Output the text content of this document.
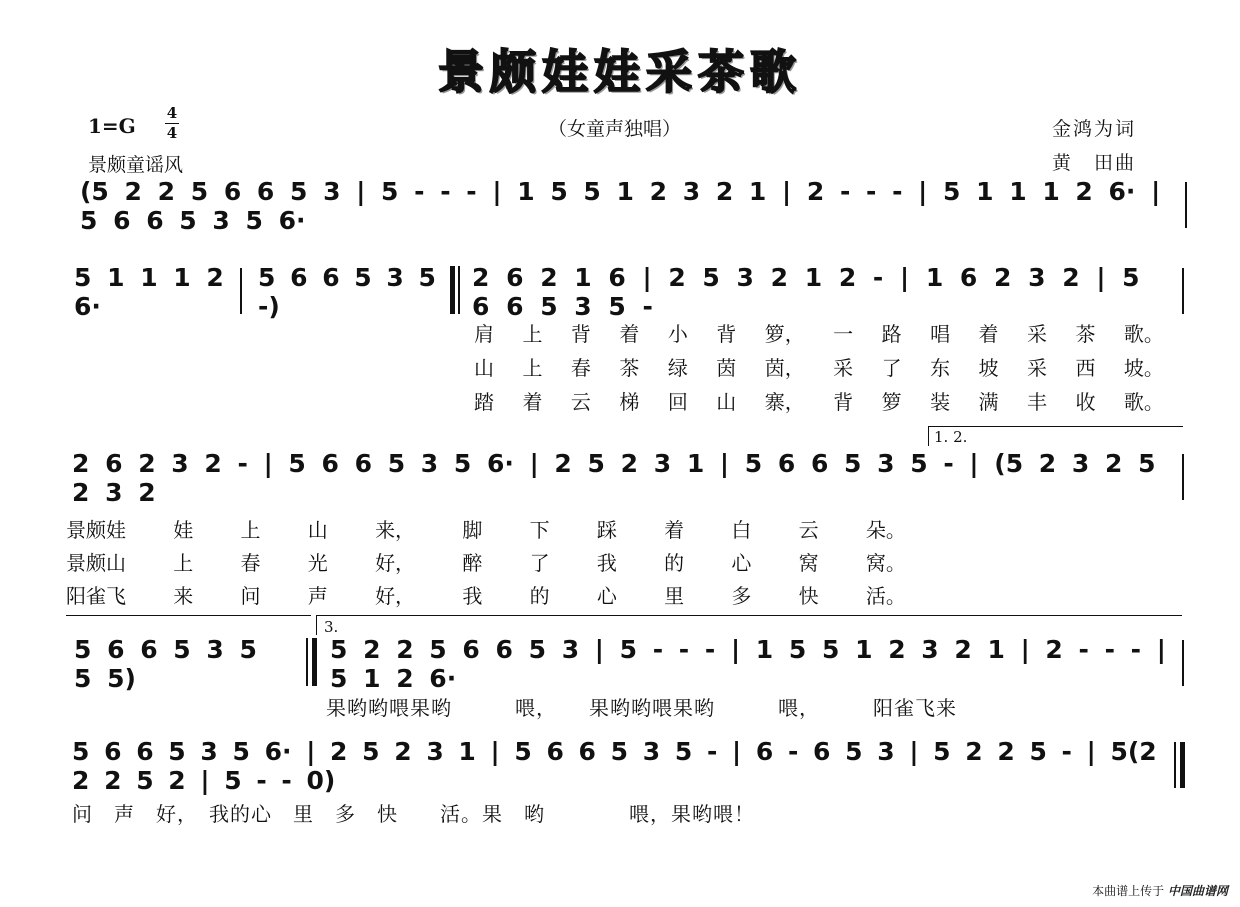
景颇娃娃采茶歌
1=G
4
4	（女童声独唱）
景颇童谣风
金鸿为词
黄　田曲
(5 2 2 5 6 6 5 3 | 5 - - - | 1 5 5 1 2 3 2 1 | 2 - - - | 5 1 1 1 2 6· | 5 6 6 5 3 5 6·
5 1 1 1 2 6·
5 6 6 5 3 5 -)
2 6 2 1 6 | 2 5 3 2 1 2 - | 1 6 2 3 2 | 5 6 6 5 3 5 -
肩 上 背 着 小 背 箩， 一 路 唱 着 采 茶 歌。
山 上 春 茶 绿 茵 茵， 采 了 东 坡 采 西 坡。
踏 着 云 梯 回 山 寨， 背 箩 装 满 丰 收 歌。
1. 2.
2 6 2 3 2 - | 5 6 6 5 3 5 6· | 2 5 2 3 1 | 5 6 6 5 3 5 - | (5 2 3 2 5 2 3 2
景颇娃 娃 上 山 来， 脚 下 踩 着 白 云 朵。
景颇山 上 春 光 好， 醉 了 我 的 心 窝 窝。
阳雀飞 来 问 声 好， 我 的 心 里 多 快 活。
3.
5 6 6 5 3 5 5 5)
5 2 2 5 6 6 5 3 | 5 - - - | 1 5 5 1 2 3 2 1 | 2 - - - | 5 1 2 6·
果哟哟喂果哟　　　喂，　　果哟哟喂果哟　　　喂，　　　阳雀飞来
5 6 6 5 3 5 6· | 2 5 2 3 1 | 5 6 6 5 3 5 - | 6 - 6 5 3 | 5 2 2 5 - | 5(2 2 2 5 2 | 5 - - 0)
问　声　好，　我的心　里　多　快　　活。果　哟　　　　喂，果哟喂！
本曲谱上传于 中国曲谱网
